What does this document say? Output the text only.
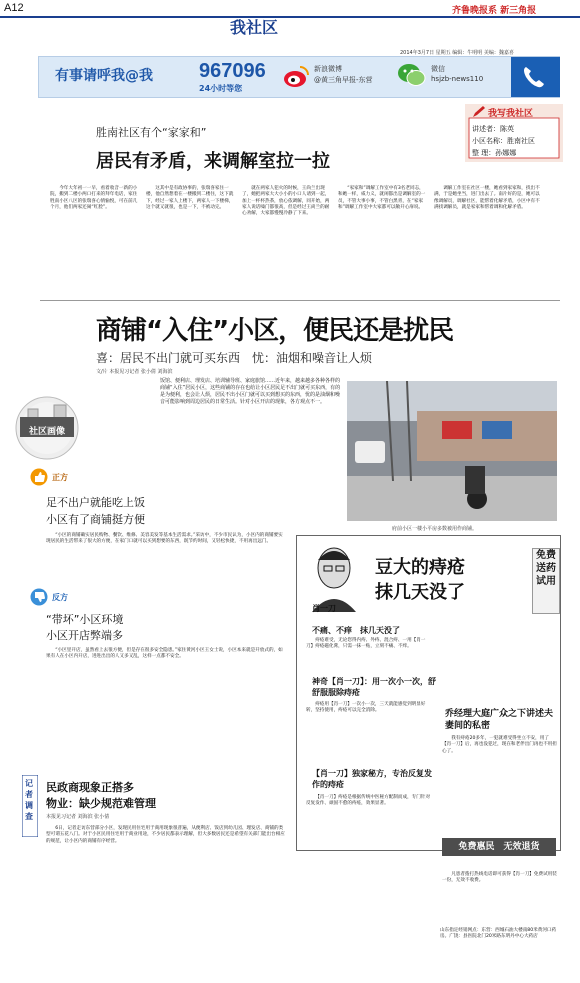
A12
我社区
齐鲁晚报系 新三角报
2014年3月7日 星期五 编辑：牛明明 美编：魏嘉喜
有事请呼我@我 967096
24小时等您
新浪微博
@黄三角早报-东营
微信
hsjzb-news110
胜南社区有个“家家和”
居民有矛盾，来调解室拉一拉
我写我社区
讲述者：陈英
小区名称：胜南社区
整 理：孙娜娜

今年大年初一一早，看着收音一新的小院，搬到二楼小两口打来的拜年电话，家住胜南小区八区的张瑞喜心情愉悦，可在前几个月，他们两家还闹“红脸”。

这其中是有政协事的，张瑞喜家住一楼，他自然想着在一楼搬到二楼住，这下就下，经过一家人上楼下，两家人一下楼梯，这个就又就很，也是一下，不被动完。

就在两家人犯火的时候，王尚兰出现了，她把两家大大小小的小口人请到一起，加上一杯杯热茶，放心依调解，同开始，两家人说话嗓门都很高，但是经过王尚兰的耐心劝解，大家都慢慢冷静了下来。

“家家和”调解工作室中有3名老同志，和她一样，威力义，就闲都出是调解室的一员，不管大事小事，不管白黑青，在“家家和”调解工作室中大家都可以敞开心扉说。

调解工作室在社区一楼，她看到家家和，找出不满，于是她坐当，进门出去了。南片好的是，她可以像调解员，调解社区，能帮着化解矛盾，小区中有不满找调解员，就是家家和帮着调和化解矛盾。

商铺“入住”小区，便民还是扰民
喜：居民不出门就可买东西　忧：油烟和噪音让人烦
文/片 本报见习记者 张小倩 刘海滨
社区画像
饭馆、便利店、理发店、培训辅导班、家庭旅馆……近年来，越来越多各种各样的商铺“入住”居民小区，这些商铺的存在也给让小区居民足不出门就可买东西，有的是为便利，也会让人烦，居民不出小区门就可以买到想买的东西，忧的是油烟和噪音可能影响到周边居民的日常生活。针对小区开店的现象，各方观点不一。
府前小区一楼小平房多数被用作商铺。
正方
足不出户就能吃上饭
小区有了商铺挺方便

“小区的商铺确实居民购物、餐饮、维修、美容美发等基本生活需求。”采访中，不少市民认为，小区内的商铺要实现居民的生活带来了很大的方便，在家门口就可以买到想要的东西，既节约时间，又轻松快捷，不用再出远门。

反方
“带坏”小区环境
小区开店弊端多

“小区里开店，虽然看上去很方便，但是存在很多安全隐患。”家住黄河小区王女士说，小区本来就是开放式的，如果有人在小区内开店，进进出出的人又多又乱，这样一点都不安全。

记者调查
民政商现象正搭多
物业：缺少规范难管理
本报见习记者 刘海滨 张小倩

6日，记者走访东营部分小区，发现民用住宅用于商用现象很普遍，从便利店、饭店到幼儿园、理发店、商铺的类型可谓五花八门。对于小区民用住宅用于商业用途，不少居民都表示理解，但大多数居民还是希望有关部门能出台相应的规范，让小区内的商铺有序经营。

肖一刀
豆大的痔疮
抹几天没了
免费送药试用
不痛、不痒　抹几天没了

痔疮难受，无论您得内痔、外痔、混合痔、一用【肖一刀】痔疮磁化膏，只需一抹一贴，立刻不痛、不痒。

神奇【肖一刀】：用一次小一次，舒舒服服除痔疮

痔疮用【肖一刀】一次小一次，三天就能感觉到明显好转，坚持使用，痔疮可以完全消除。

【肖一刀】独家秘方，专治反复发作的痔疮

【肖一刀】痔疮是根据传统中医秘方配制而成，专门针对反复发作、顽固不愈的痔疮，效果显著。

乔经理大庭广众之下讲述夫妻间的私密

我有痔疮20多年，一犯就难受得坐立不安，用了【肖一刀】后，再也没犯过，现在和老伴出门再也不用担心了。

免费惠民　无效退货

凡患者拨打热线电话即可获得【肖一刀】免费试用装一份，无效不收费。

山东指定经销网点：东营：西城石油大楼南80米黄河口药房。广饶：县医院北门20米路东明丹中心大药店
